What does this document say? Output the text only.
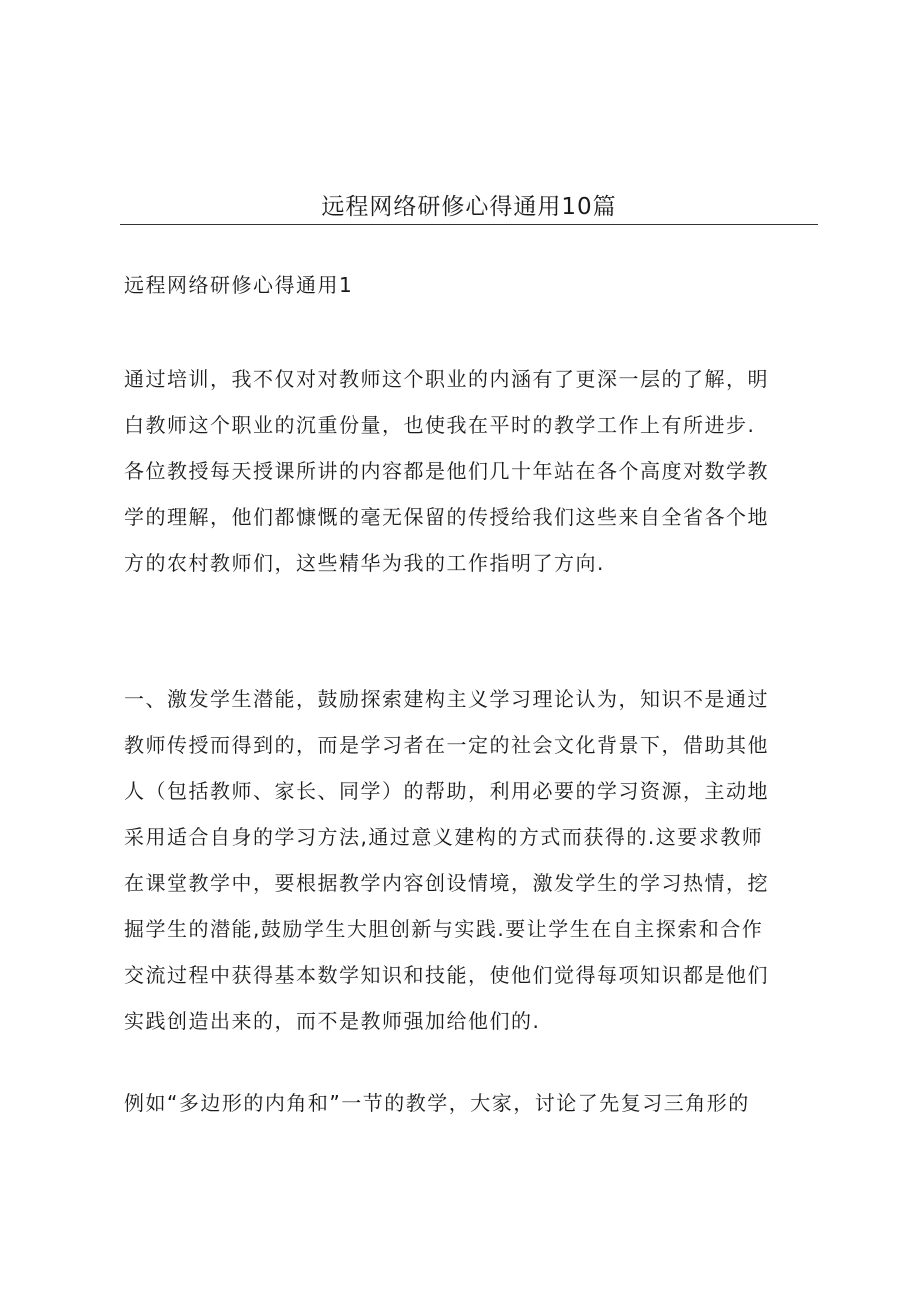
远程网络研修心得通用10篇
远程网络研修心得通用1
通过培训，我不仅对对教师这个职业的内涵有了更深一层的了解，明
白教师这个职业的沉重份量，也使我在平时的教学工作上有所进步.
各位教授每天授课所讲的内容都是他们几十年站在各个高度对数学教
学的理解，他们都慷慨的毫无保留的传授给我们这些来自全省各个地
方的农村教师们，这些精华为我的工作指明了方向.
一、激发学生潜能，鼓励探索建构主义学习理论认为，知识不是通过
教师传授而得到的，而是学习者在一定的社会文化背景下，借助其他
人（包括教师、家长、同学）的帮助，利用必要的学习资源，主动地
采用适合自身的学习方法,通过意义建构的方式而获得的.这要求教师
在课堂教学中，要根据教学内容创设情境，激发学生的学习热情，挖
掘学生的潜能,鼓励学生大胆创新与实践.要让学生在自主探索和合作
交流过程中获得基本数学知识和技能，使他们觉得每项知识都是他们
实践创造出来的，而不是教师强加给他们的.
例如“多边形的内角和”一节的教学，大家，讨论了先复习三角形的
